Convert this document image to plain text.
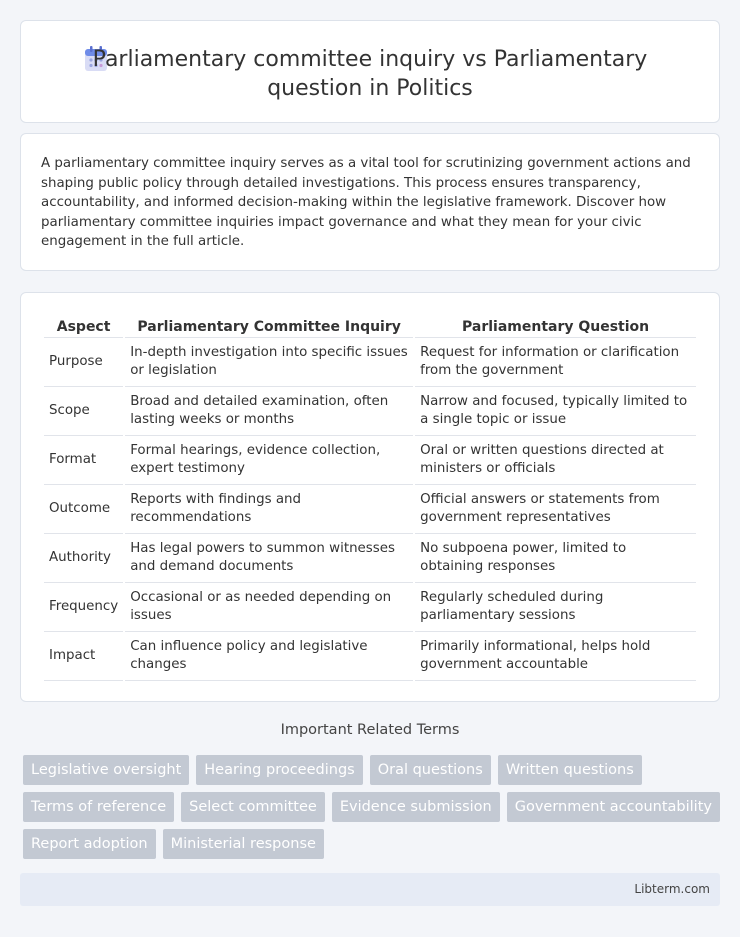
Parliamentary committee inquiry vs Parliamentary question in Politics

A parliamentary committee inquiry serves as a vital tool for scrutinizing government actions and shaping public policy through detailed investigations. This process ensures transparency, accountability, and informed decision-making within the legislative framework. Discover how parliamentary committee inquiries impact governance and what they mean for your civic engagement in the full article.

Aspect	Parliamentary Committee Inquiry	Parliamentary Question
Purpose	In-depth investigation into specific issues or legislation	Request for information or clarification from the government
Scope	Broad and detailed examination, often lasting weeks or months	Narrow and focused, typically limited to a single topic or issue
Format	Formal hearings, evidence collection, expert testimony	Oral or written questions directed at ministers or officials
Outcome	Reports with findings and recommendations	Official answers or statements from government representatives
Authority	Has legal powers to summon witnesses and demand documents	No subpoena power, limited to obtaining responses
Frequency	Occasional or as needed depending on issues	Regularly scheduled during parliamentary sessions
Impact	Can influence policy and legislative changes	Primarily informational, helps hold government accountable
Important Related Terms
Legislative oversight	Hearing proceedings	Oral questions	Written questions
Terms of reference	Select committee	Evidence submission	Government accountability
Report adoption	Ministerial response
Libterm.com
